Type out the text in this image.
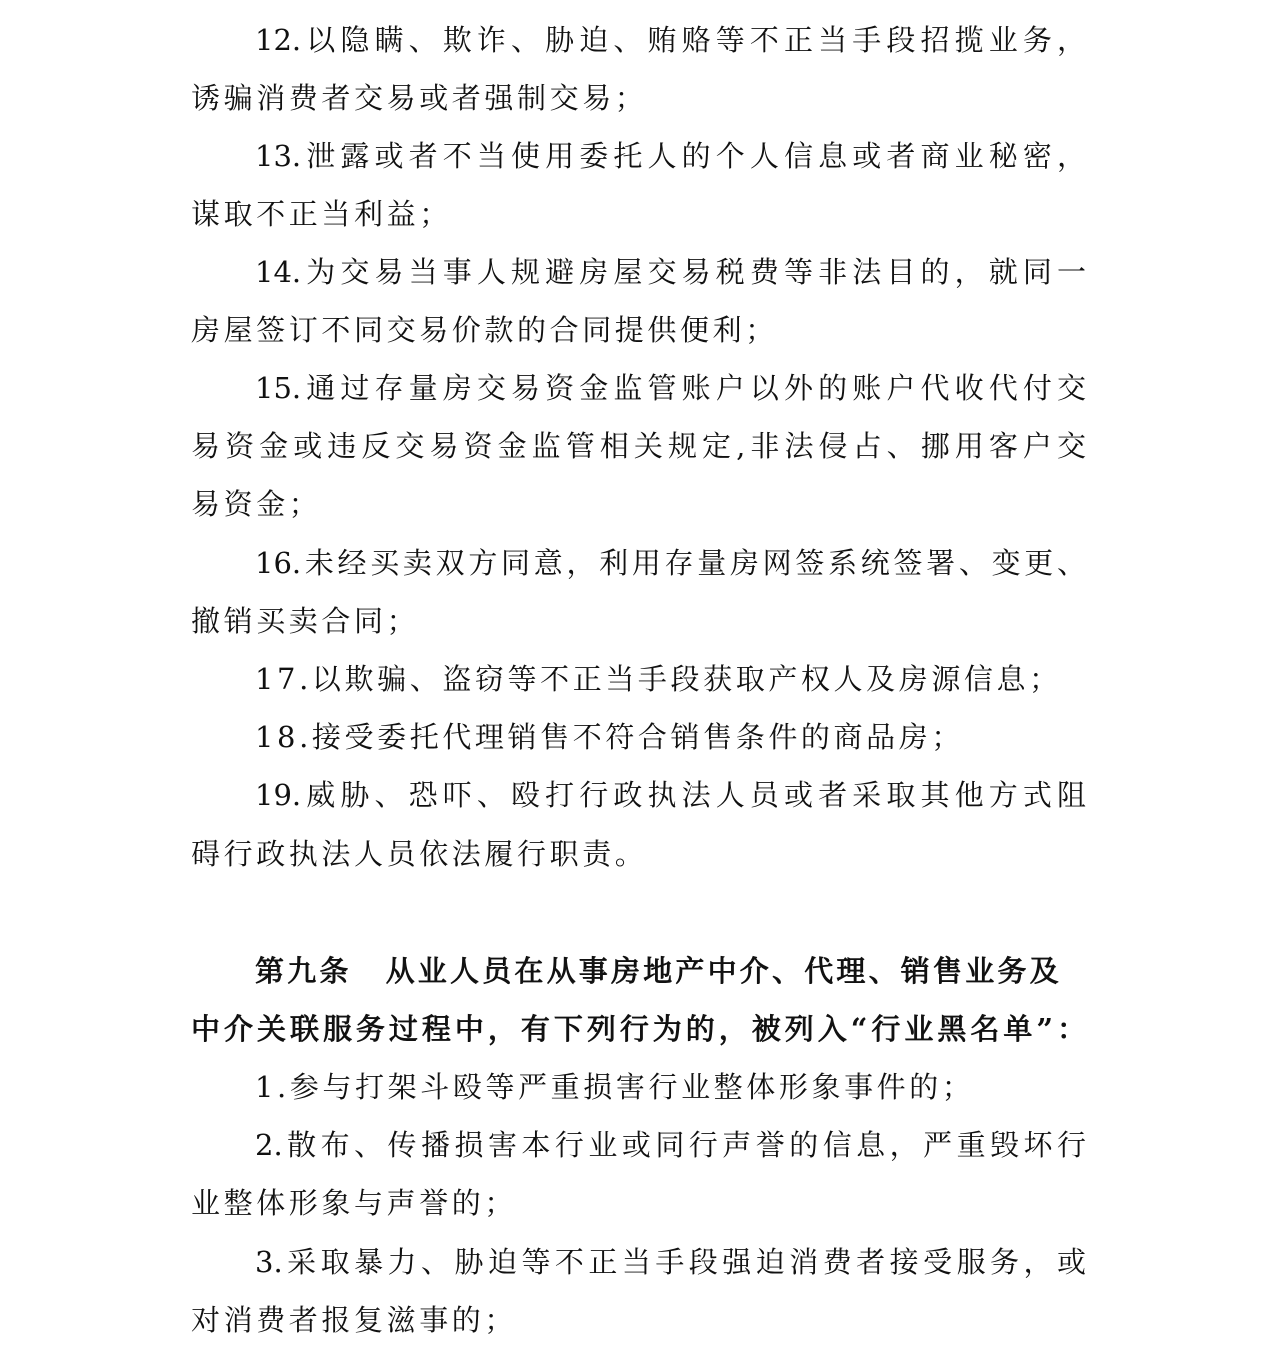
12.以隐瞒、欺诈、胁迫、贿赂等不正当手段招揽业务，
诱骗消费者交易或者强制交易；
13.泄露或者不当使用委托人的个人信息或者商业秘密，
谋取不正当利益；
14.为交易当事人规避房屋交易税费等非法目的，就同一
房屋签订不同交易价款的合同提供便利；
15.通过存量房交易资金监管账户以外的账户代收代付交
易资金或违反交易资金监管相关规定,非法侵占、挪用客户交
易资金；
16.未经买卖双方同意，利用存量房网签系统签署、变更、
撤销买卖合同；
17.以欺骗、盗窃等不正当手段获取产权人及房源信息；
18.接受委托代理销售不符合销售条件的商品房；
19.威胁、恐吓、殴打行政执法人员或者采取其他方式阻
碍行政执法人员依法履行职责。
第九条 从业人员在从事房地产中介、代理、销售业务及
中介关联服务过程中，有下列行为的，被列入“行业黑名单”：
1.参与打架斗殴等严重损害行业整体形象事件的；
2.散布、传播损害本行业或同行声誉的信息，严重毁坏行
业整体形象与声誉的；
3.采取暴力、胁迫等不正当手段强迫消费者接受服务，或
对消费者报复滋事的；
